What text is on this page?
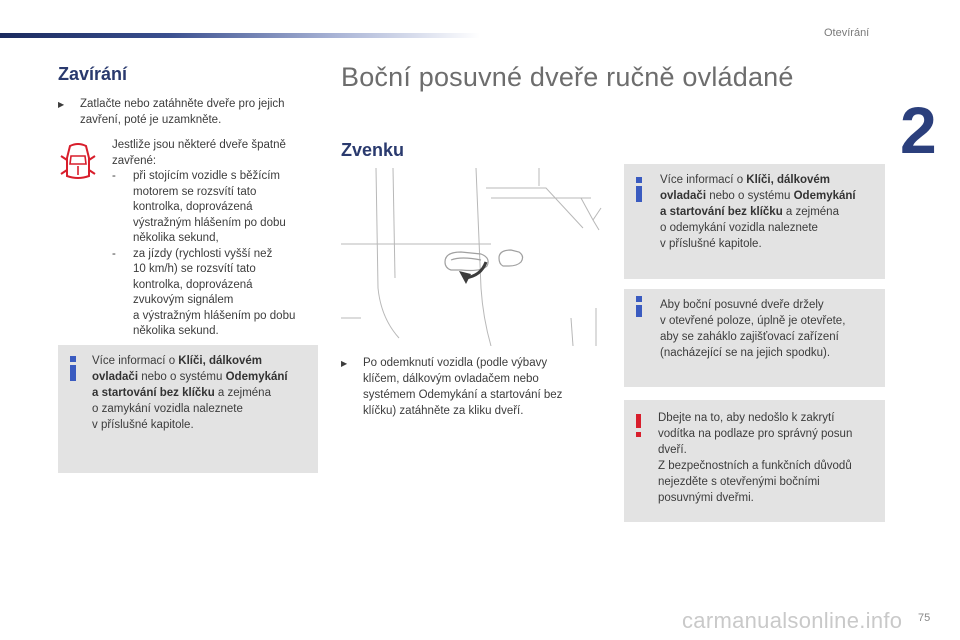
Otevírání
2
Zavírání
▶ Zatlačte nebo zatáhněte dveře pro jejich
zavření, poté je uzamkněte.
Jestliže jsou některé dveře špatně
zavřené:
- při stojícím vozidle s běžícím
motorem se rozsvítí tato
kontrolka, doprovázená
výstražným hlášením po dobu
několika sekund,
- za jízdy (rychlosti vyšší než
10 km/h) se rozsvítí tato
kontrolka, doprovázená
zvukovým signálem
a výstražným hlášením po dobu
několika sekund.
Více informací o Klíči, dálkovém
ovladači nebo o systému Odemykání
a startování bez klíčku a zejména
o zamykání vozidla naleznete
v příslušné kapitole.
Boční posuvné dveře ručně ovládané
Zvenku
▶ Po odemknutí vozidla (podle výbavy
klíčem, dálkovým ovladačem nebo
systémem Odemykání a startování bez
klíčku) zatáhněte za kliku dveří.
Více informací o Klíči, dálkovém
ovladači nebo o systému Odemykání
a startování bez klíčku a zejména
o odemykání vozidla naleznete
v příslušné kapitole.
Aby boční posuvné dveře držely
v otevřené poloze, úplně je otevřete,
aby se zaháklo zajišťovací zařízení
(nacházející se na jejich spodku).
Dbejte na to, aby nedošlo k zakrytí
vodítka na podlaze pro správný posun
dveří.
Z bezpečnostních a funkčních důvodů
nejezděte s otevřenými bočními
posuvnými dveřmi.
carmanualsonline.info 75
